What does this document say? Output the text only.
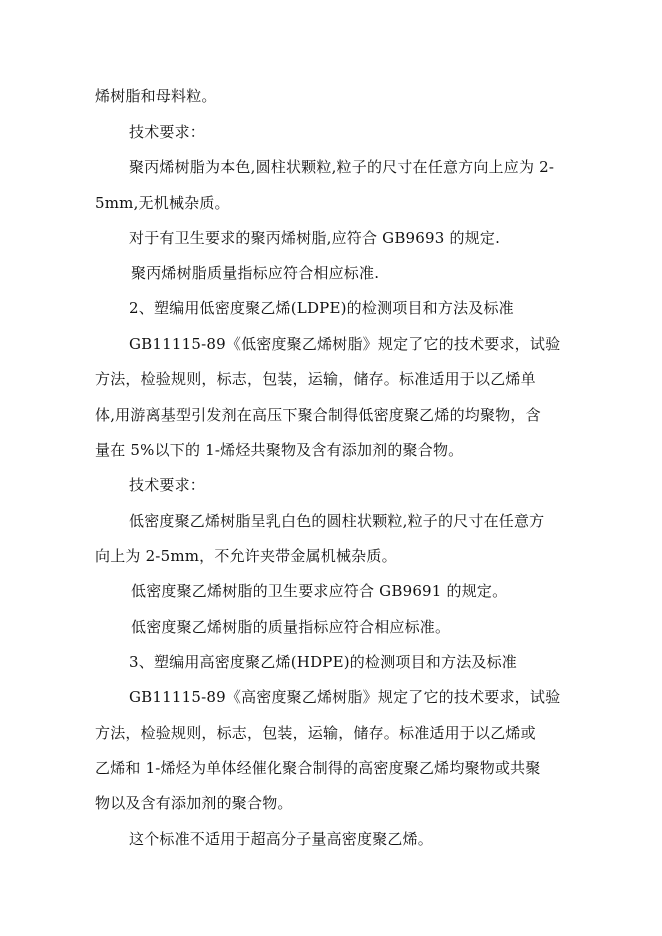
烯树脂和母料粒。
技术要求：
聚丙烯树脂为本色,圆柱状颗粒,粒子的尺寸在任意方向上应为 2-
5mm,无机械杂质。
对于有卫生要求的聚丙烯树脂,应符合 GB9693 的规定.
聚丙烯树脂质量指标应符合相应标准.
2、塑编用低密度聚乙烯(LDPE)的检测项目和方法及标准
GB11115-89《低密度聚乙烯树脂》规定了它的技术要求，试验
方法，检验规则，标志，包装，运输，储存。标准适用于以乙烯单
体,用游离基型引发剂在高压下聚合制得低密度聚乙烯的均聚物，含
量在 5%以下的 1-烯烃共聚物及含有添加剂的聚合物。
技术要求：
低密度聚乙烯树脂呈乳白色的圆柱状颗粒,粒子的尺寸在任意方
向上为 2-5mm，不允许夹带金属机械杂质。
低密度聚乙烯树脂的卫生要求应符合 GB9691 的规定。
低密度聚乙烯树脂的质量指标应符合相应标准。
3、塑编用高密度聚乙烯(HDPE)的检测项目和方法及标准
GB11115-89《高密度聚乙烯树脂》规定了它的技术要求，试验
方法，检验规则，标志，包装，运输，储存。标准适用于以乙烯或
乙烯和 1-烯烃为单体经催化聚合制得的高密度聚乙烯均聚物或共聚
物以及含有添加剂的聚合物。
这个标准不适用于超高分子量高密度聚乙烯。
